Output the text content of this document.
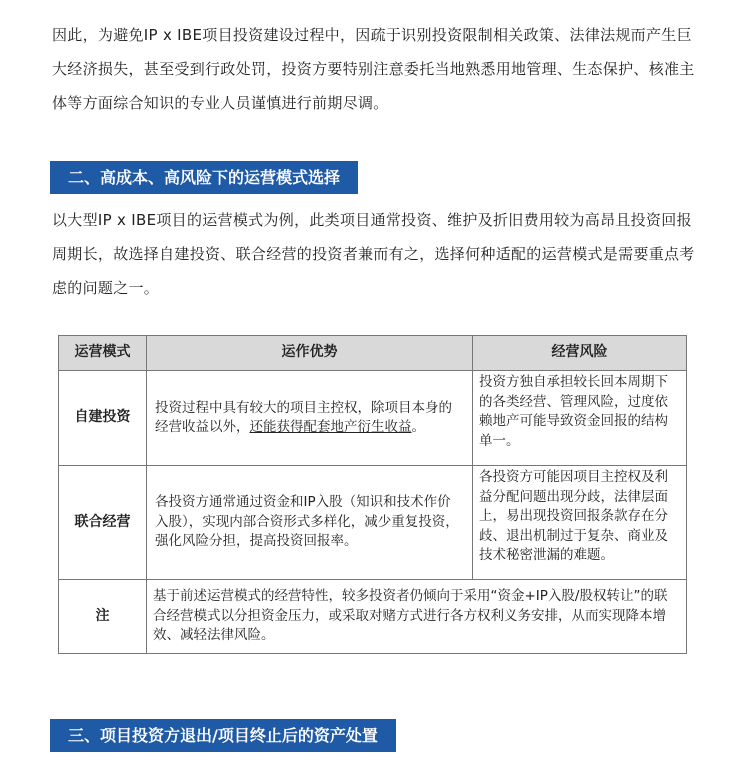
因此，为避免IP x IBE项目投资建设过程中，因疏于识别投资限制相关政策、法律法规而产生巨大经济损失，甚至受到行政处罚，投资方要特别注意委托当地熟悉用地管理、生态保护、核准主体等方面综合知识的专业人员谨慎进行前期尽调。

二、高成本、高风险下的运营模式选择

以大型IP x IBE项目的运营模式为例，此类项目通常投资、维护及折旧费用较为高昂且投资回报周期长，故选择自建投资、联合经营的投资者兼而有之，选择何种适配的运营模式是需要重点考虑的问题之一。

运营模式	运作优势	经营风险
自建投资	投资过程中具有较大的项目主控权，除项目本身的经营收益以外，还能获得配套地产衍生收益。	投资方独自承担较长回本周期下的各类经营、管理风险，过度依赖地产可能导致资金回报的结构单一。
联合经营	各投资方通常通过资金和IP入股（知识和技术作价入股），实现内部合资形式多样化，减少重复投资，强化风险分担，提高投资回报率。	各投资方可能因项目主控权及利益分配问题出现分歧，法律层面上，易出现投资回报条款存在分歧、退出机制过于复杂、商业及技术秘密泄漏的难题。
注	基于前述运营模式的经营特性，较多投资者仍倾向于采用“资金+IP入股/股权转让”的联合经营模式以分担资金压力，或采取对赌方式进行各方权利义务安排，从而实现降本增效、减轻法律风险。	
三、项目投资方退出/项目终止后的资产处置
